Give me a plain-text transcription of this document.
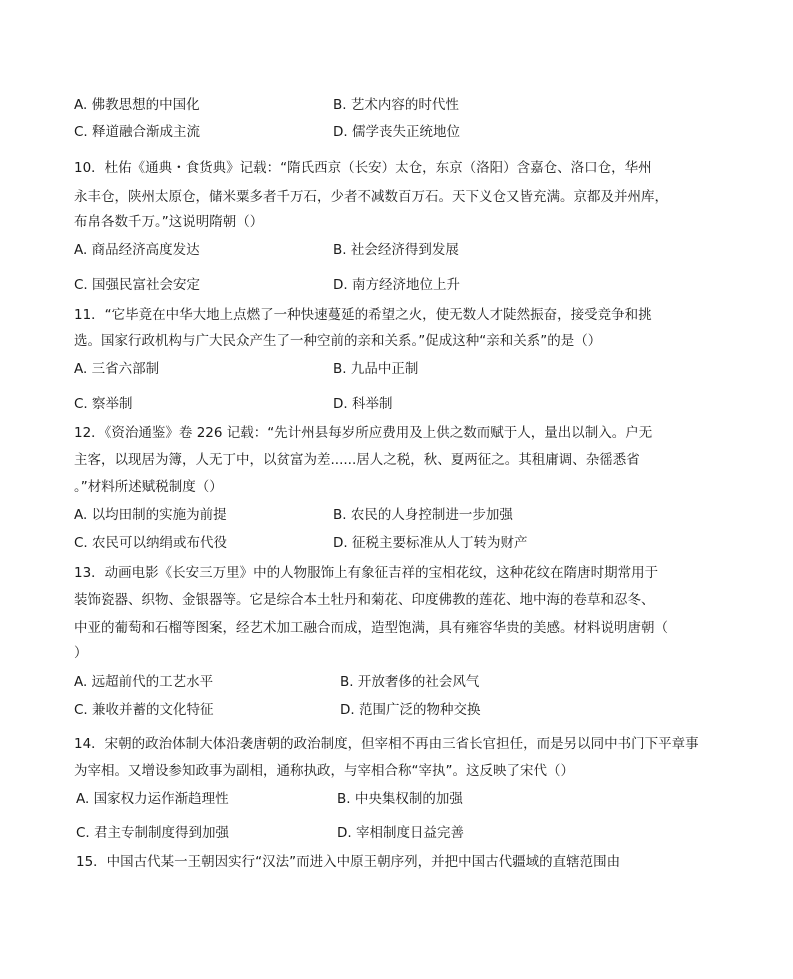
A. 佛教思想的中国化	B. 艺术内容的时代性
C. 释道融合渐成主流	D. 儒学丧失正统地位
10．杜佑《通典・食货典》记载：“隋氏西京（长安）太仓，东京（洛阳）含嘉仓、洛口仓，华州
永丰仓，陕州太原仓，储米粟多者千万石，少者不减数百万石。天下义仓又皆充满。京都及并州库，
布帛各数千万。”这说明隋朝（）
A. 商品经济高度发达	B. 社会经济得到发展
C. 国强民富社会安定	D. 南方经济地位上升
11．“它毕竟在中华大地上点燃了一种快速蔓延的希望之火，使无数人才陡然振奋，接受竞争和挑
选。国家行政机构与广大民众产生了一种空前的亲和关系。”促成这种“亲和关系”的是（）
A. 三省六部制	B. 九品中正制
C. 察举制	D. 科举制
12．《资治通鉴》卷 226 记载：“先计州县每岁所应费用及上供之数而赋于人，量出以制入。户无
主客，以现居为簿，人无丁中，以贫富为差......居人之税，秋、夏两征之。其租庸调、杂徭悉省
。”材料所述赋税制度（）
A. 以均田制的实施为前提	B. 农民的人身控制进一步加强
C. 农民可以纳绢或布代役	D. 征税主要标准从人丁转为财产
13．动画电影《长安三万里》中的人物服饰上有象征吉祥的宝相花纹，这种花纹在隋唐时期常用于
装饰瓷器、织物、金银器等。它是综合本土牡丹和菊花、印度佛教的莲花、地中海的卷草和忍冬、
中亚的葡萄和石榴等图案，经艺术加工融合而成，造型饱满，具有雍容华贵的美感。材料说明唐朝（
）
A. 远超前代的工艺水平	B. 开放奢侈的社会风气
C. 兼收并蓄的文化特征	D. 范围广泛的物种交换
14．宋朝的政治体制大体沿袭唐朝的政治制度，但宰相不再由三省长官担任，而是另以同中书门下平章事
为宰相。又增设参知政事为副相，通称执政，与宰相合称“宰执”。这反映了宋代（）
A. 国家权力运作渐趋理性	B. 中央集权制的加强
C. 君主专制制度得到加强	D. 宰相制度日益完善
15．中国古代某一王朝因实行“汉法”而进入中原王朝序列，并把中国古代疆域的直辖范围由
